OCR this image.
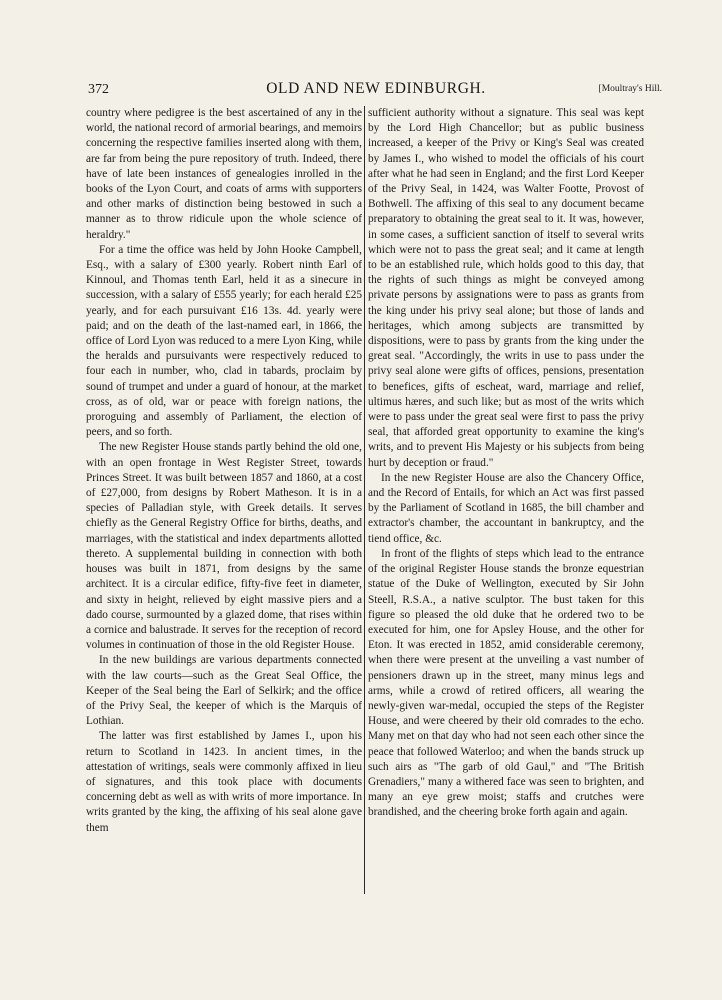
372	OLD AND NEW EDINBURGH.	[Moultray's Hill.

country where pedigree is the best ascertained of any in the world, the national record of armorial bearings, and memoirs concerning the respective families inserted along with them, are far from being the pure repository of truth. Indeed, there have of late been instances of genealogies inrolled in the books of the Lyon Court, and coats of arms with supporters and other marks of distinction being bestowed in such a manner as to throw ridicule upon the whole science of heraldry."

For a time the office was held by John Hooke Campbell, Esq., with a salary of £300 yearly. Robert ninth Earl of Kinnoul, and Thomas tenth Earl, held it as a sinecure in succession, with a salary of £555 yearly; for each herald £25 yearly, and for each pursuivant £16 13s. 4d. yearly were paid; and on the death of the last-named earl, in 1866, the office of Lord Lyon was reduced to a mere Lyon King, while the heralds and pursuivants were respectively reduced to four each in number, who, clad in tabards, proclaim by sound of trumpet and under a guard of honour, at the market cross, as of old, war or peace with foreign nations, the proroguing and assembly of Parliament, the election of peers, and so forth.

The new Register House stands partly behind the old one, with an open frontage in West Register Street, towards Princes Street. It was built between 1857 and 1860, at a cost of £27,000, from designs by Robert Matheson. It is in a species of Palladian style, with Greek details. It serves chiefly as the General Registry Office for births, deaths, and marriages, with the statistical and index departments allotted thereto. A supplemental building in connection with both houses was built in 1871, from designs by the same architect. It is a circular edifice, fifty-five feet in diameter, and sixty in height, relieved by eight massive piers and a dado course, surmounted by a glazed dome, that rises within a cornice and balustrade. It serves for the reception of record volumes in continuation of those in the old Register House.

In the new buildings are various departments connected with the law courts—such as the Great Seal Office, the Keeper of the Seal being the Earl of Selkirk; and the office of the Privy Seal, the keeper of which is the Marquis of Lothian.

The latter was first established by James I., upon his return to Scotland in 1423. In ancient times, in the attestation of writings, seals were commonly affixed in lieu of signatures, and this took place with documents concerning debt as well as with writs of more importance. In writs granted by the king, the affixing of his seal alone gave them

sufficient authority without a signature. This seal was kept by the Lord High Chancellor; but as public business increased, a keeper of the Privy or King's Seal was created by James I., who wished to model the officials of his court after what he had seen in England; and the first Lord Keeper of the Privy Seal, in 1424, was Walter Footte, Provost of Bothwell. The affixing of this seal to any document became preparatory to obtaining the great seal to it. It was, however, in some cases, a sufficient sanction of itself to several writs which were not to pass the great seal; and it came at length to be an established rule, which holds good to this day, that the rights of such things as might be conveyed among private persons by assignations were to pass as grants from the king under his privy seal alone; but those of lands and heritages, which among subjects are transmitted by dispositions, were to pass by grants from the king under the great seal. "Accordingly, the writs in use to pass under the privy seal alone were gifts of offices, pensions, presentation to benefices, gifts of escheat, ward, marriage and relief, ultimus hæres, and such like; but as most of the writs which were to pass under the great seal were first to pass the privy seal, that afforded great opportunity to examine the king's writs, and to prevent His Majesty or his subjects from being hurt by deception or fraud."

In the new Register House are also the Chancery Office, and the Record of Entails, for which an Act was first passed by the Parliament of Scotland in 1685, the bill chamber and extractor's chamber, the accountant in bankruptcy, and the tiend office, &c.

In front of the flights of steps which lead to the entrance of the original Register House stands the bronze equestrian statue of the Duke of Wellington, executed by Sir John Steell, R.S.A., a native sculptor. The bust taken for this figure so pleased the old duke that he ordered two to be executed for him, one for Apsley House, and the other for Eton. It was erected in 1852, amid considerable ceremony, when there were present at the unveiling a vast number of pensioners drawn up in the street, many minus legs and arms, while a crowd of retired officers, all wearing the newly-given war-medal, occupied the steps of the Register House, and were cheered by their old comrades to the echo. Many met on that day who had not seen each other since the peace that followed Waterloo; and when the bands struck up such airs as "The garb of old Gaul," and "The British Grenadiers," many a withered face was seen to brighten, and many an eye grew moist; staffs and crutches were brandished, and the cheering broke forth again and again.
